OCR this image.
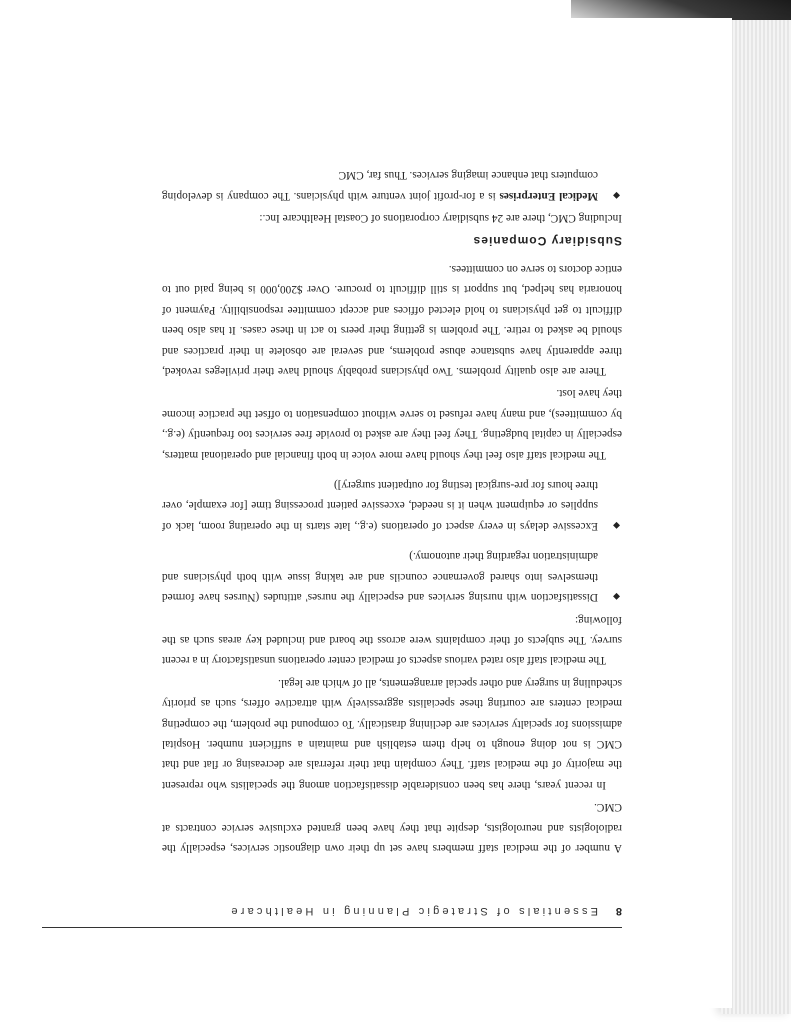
8
Essentials of Strategic Planning in Healthcare

A number of the medical staff members have set up their own diagnostic services, especially the radiologists and neurologists, despite that they have been granted exclusive service contracts at CMC.

In recent years, there has been considerable dissatisfaction among the specialists who represent the majority of the medical staff. They complain that their referrals are decreasing or flat and that CMC is not doing enough to help them establish and maintain a sufficient number. Hospital admissions for specialty services are declining drastically. To compound the problem, the competing medical centers are courting these specialists aggressively with attractive offers, such as priority scheduling in surgery and other special arrangements, all of which are legal.

The medical staff also rated various aspects of medical center operations unsatisfactory in a recent survey. The subjects of their complaints were across the board and included key areas such as the following:

◆
Dissatisfaction with nursing services and especially the nurses' attitudes (Nurses have formed themselves into shared governance councils and are taking issue with both physicians and administration regarding their autonomy.)
◆
Excessive delays in every aspect of operations (e.g., late starts in the operating room, lack of supplies or equipment when it is needed, excessive patient processing time [for example, over three hours for pre-surgical testing for outpatient surgery])

The medical staff also feel they should have more voice in both financial and operational matters, especially in capital budgeting. They feel they are asked to provide free services too frequently (e.g., by committees), and many have refused to serve without compensation to offset the practice income they have lost.

There are also quality problems. Two physicians probably should have their privileges revoked, three apparently have substance abuse problems, and several are obsolete in their practices and should be asked to retire. The problem is getting their peers to act in these cases. It has also been difficult to get physicians to hold elected offices and accept committee responsibility. Payment of honoraria has helped, but support is still difficult to procure. Over $200,000 is being paid out to entice doctors to serve on committees.

Subsidiary Companies

Including CMC, there are 24 subsidiary corporations of Coastal Healthcare Inc.:

◆
Medical Enterprises is a for-profit joint venture with physicians. The company is developing computers that enhance imaging services. Thus far, CMC
